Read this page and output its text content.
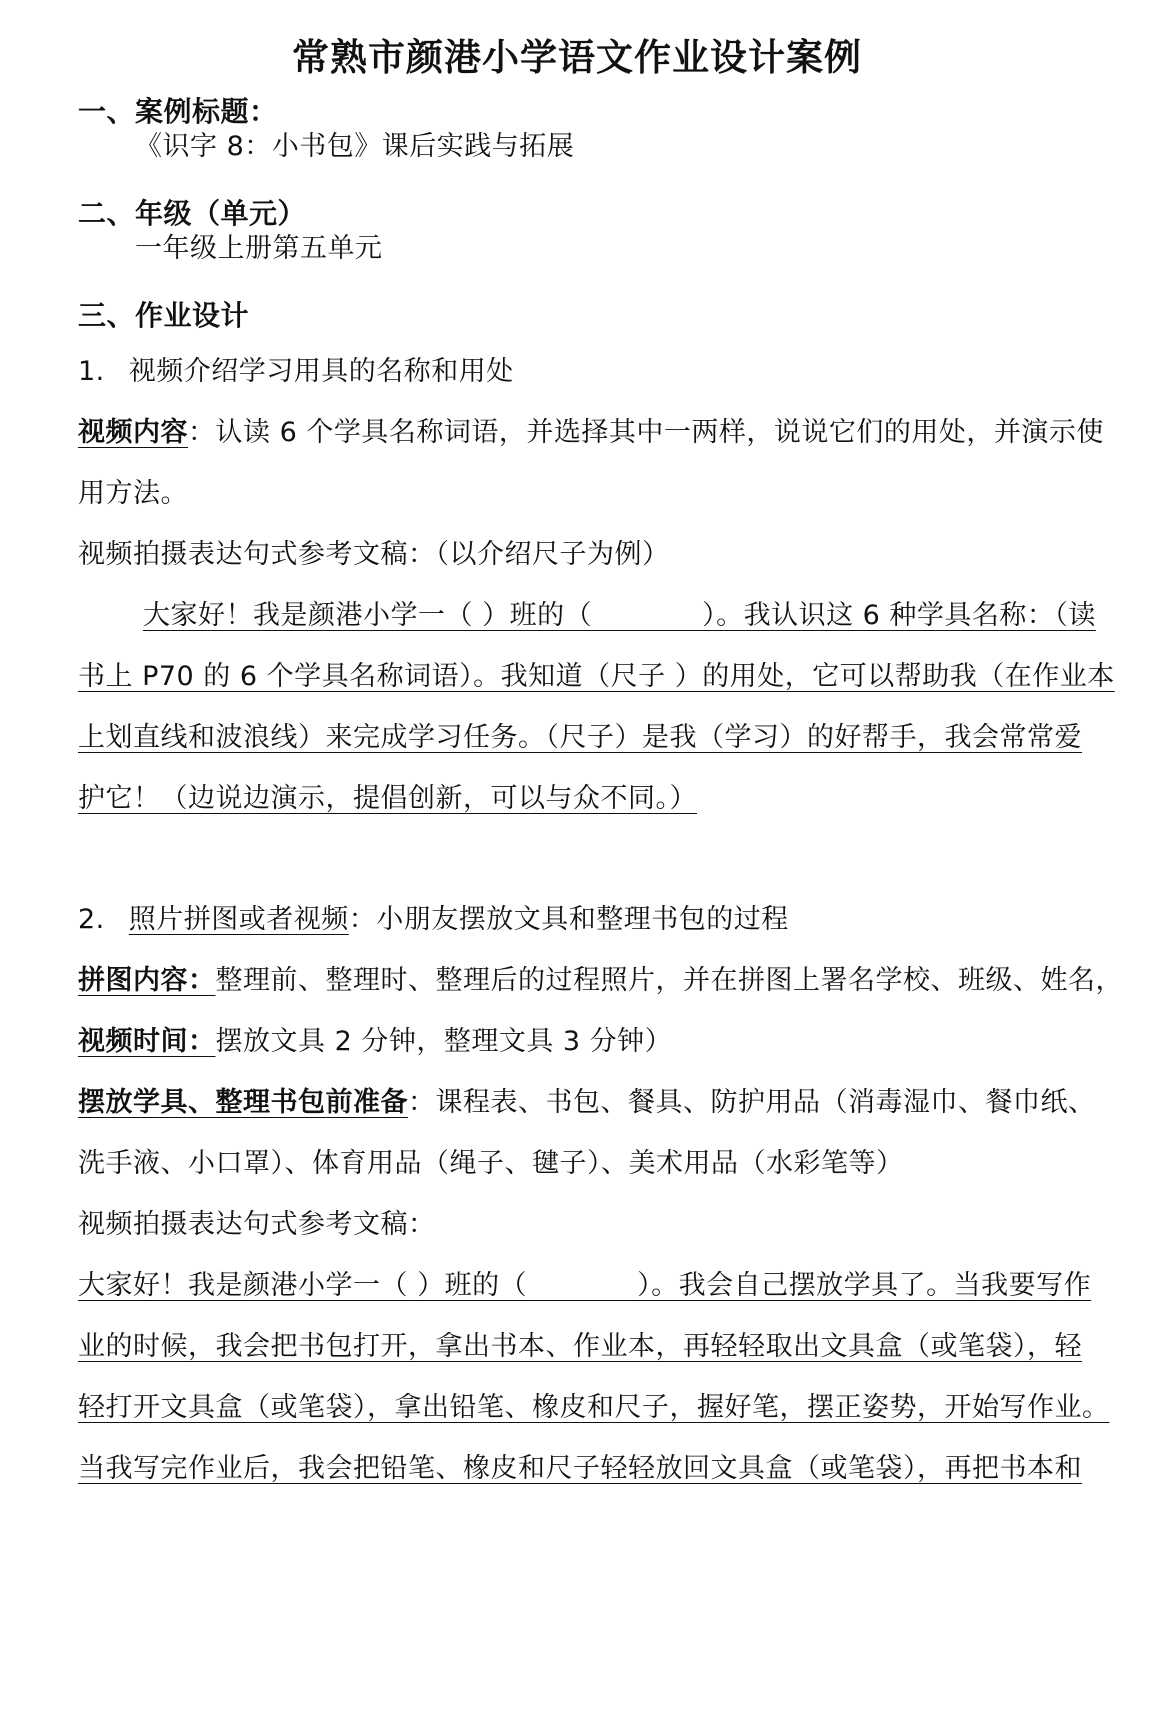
常熟市颜港小学语文作业设计案例
一、案例标题：
《识字 8：小书包》课后实践与拓展
二、年级（单元）
一年级上册第五单元
三、作业设计
1. 视频介绍学习用具的名称和用处
视频内容：认读 6 个学具名称词语，并选择其中一两样，说说它们的用处，并演示使
用方法。
视频拍摄表达句式参考文稿：（以介绍尺子为例）
大家好！我是颜港小学一（ ）班的（　　　　）。我认识这 6 种学具名称：（读
书上 P70 的 6 个学具名称词语）。我知道（尺子 ）的用处，它可以帮助我（在作业本
上划直线和波浪线）来完成学习任务。（尺子）是我（学习）的好帮手，我会常常爱
护它！（边说边演示，提倡创新，可以与众不同。）
2. 照片拼图或者视频：小朋友摆放文具和整理书包的过程
拼图内容：整理前、整理时、整理后的过程照片，并在拼图上署名学校、班级、姓名，
视频时间：摆放文具 2 分钟，整理文具 3 分钟）
摆放学具、整理书包前准备：课程表、书包、餐具、防护用品（消毒湿巾、餐巾纸、
洗手液、小口罩）、体育用品（绳子、毽子）、美术用品（水彩笔等）
视频拍摄表达句式参考文稿：
大家好！我是颜港小学一（ ）班的（　　　　）。我会自己摆放学具了。当我要写作
业的时候，我会把书包打开，拿出书本、作业本，再轻轻取出文具盒（或笔袋），轻
轻打开文具盒（或笔袋），拿出铅笔、橡皮和尺子，握好笔，摆正姿势，开始写作业。
当我写完作业后，我会把铅笔、橡皮和尺子轻轻放回文具盒（或笔袋），再把书本和
